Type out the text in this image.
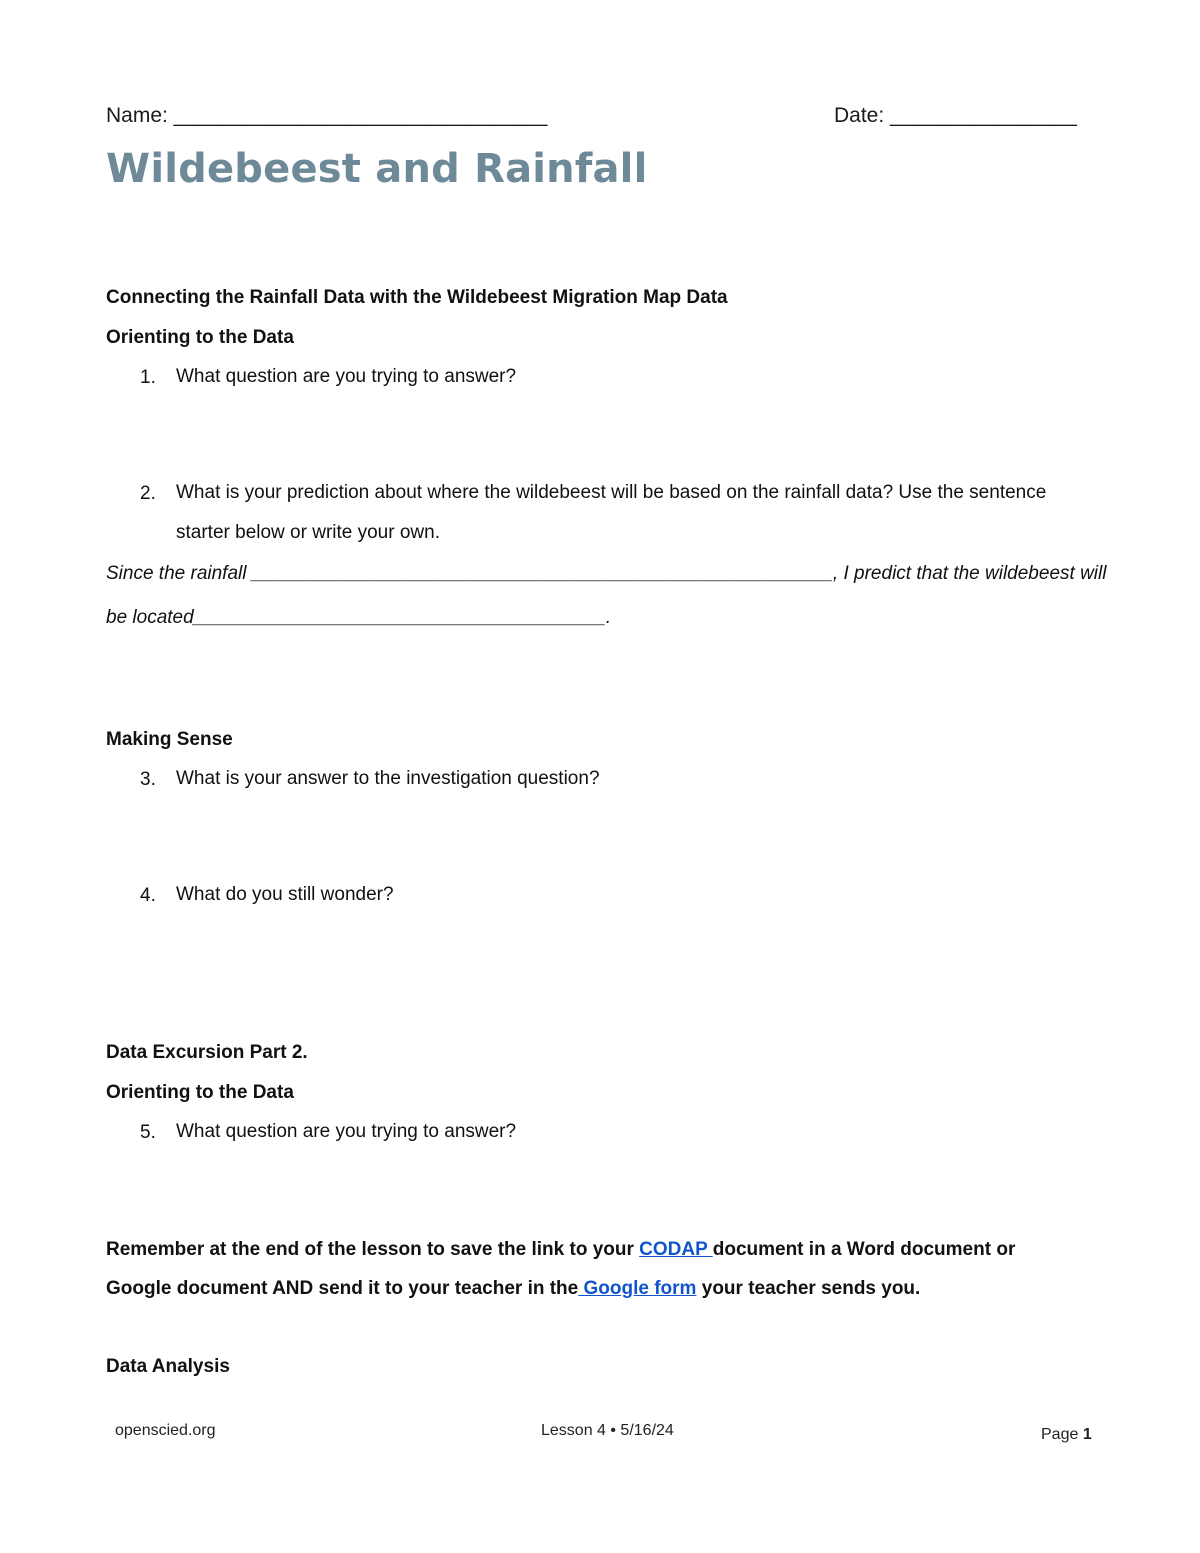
Name: ________________________________	Date: ________________
Wildebeest and Rainfall
Connecting the Rainfall Data with the Wildebeest Migration Map Data
Orienting to the Data
1. What question are you trying to answer?
2. What is your prediction about where the wildebeest will be based on the rainfall data? Use the sentence starter below or write your own.
Since the rainfall _______________________________________________________, I predict that the wildebeest will
be located_______________________________________.
Making Sense
3. What is your answer to the investigation question?
4. What do you still wonder?
Data Excursion Part 2.
Orienting to the Data
5. What question are you trying to answer?
Remember at the end of the lesson to save the link to your CODAP document in a Word document or
Google document AND send it to your teacher in the Google form your teacher sends you.
Data Analysis
openscied.org	Lesson 4 • 5/16/24	Page 1
